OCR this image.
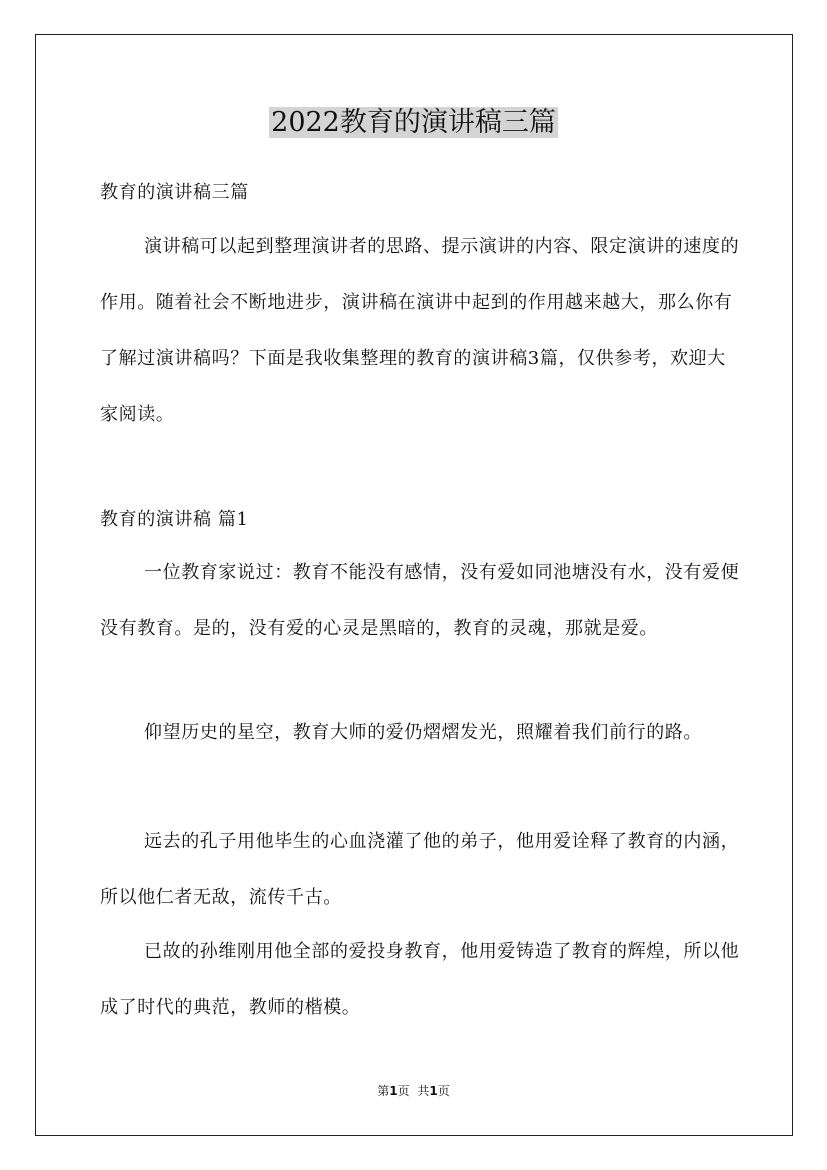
2022教育的演讲稿三篇

教育的演讲稿三篇

演讲稿可以起到整理演讲者的思路、提示演讲的内容、限定演讲的速度的作用。随着社会不断地进步，演讲稿在演讲中起到的作用越来越大，那么你有了解过演讲稿吗？下面是我收集整理的教育的演讲稿3篇，仅供参考，欢迎大家阅读。

教育的演讲稿 篇1

一位教育家说过：教育不能没有感情，没有爱如同池塘没有水，没有爱便没有教育。是的，没有爱的心灵是黑暗的，教育的灵魂，那就是爱。

仰望历史的星空，教育大师的爱仍熠熠发光，照耀着我们前行的路。

远去的孔子用他毕生的心血浇灌了他的弟子，他用爱诠释了教育的内涵，所以他仁者无敌，流传千古。

已故的孙维刚用他全部的爱投身教育，他用爱铸造了教育的辉煌，所以他成了时代的典范，教师的楷模。

第1页 共1页
